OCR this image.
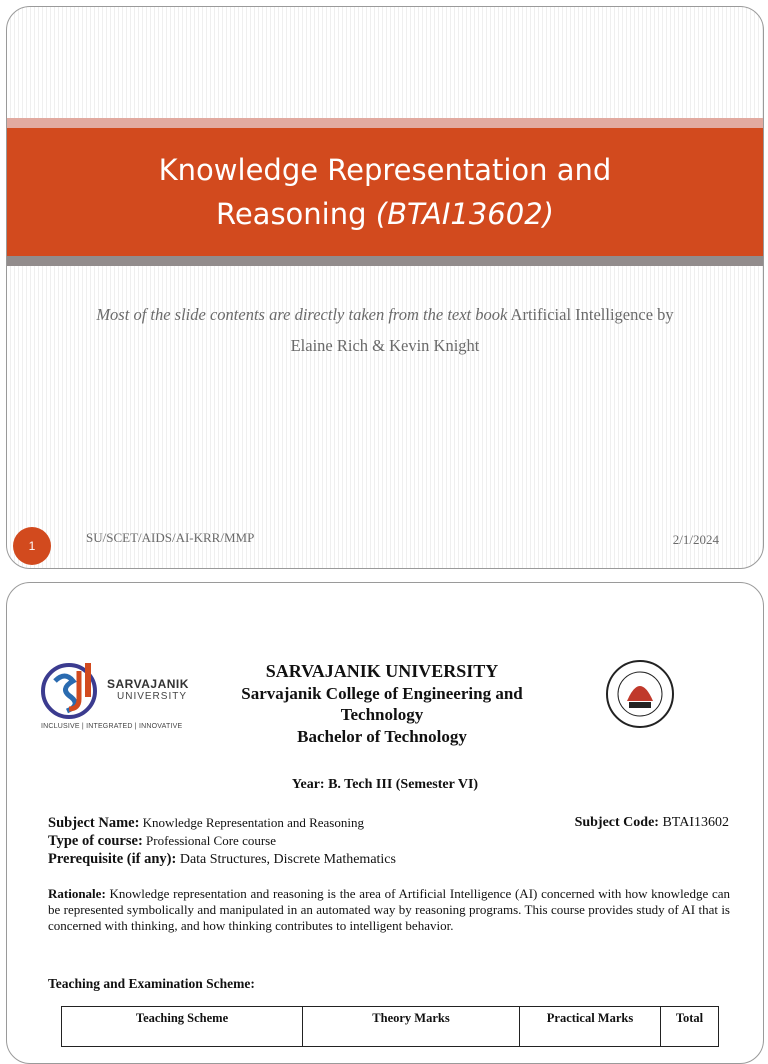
Knowledge Representation and
Reasoning (BTAI13602)
Most of the slide contents are directly taken from the text book Artificial Intelligence by
Elaine Rich & Kevin Knight
1
SU/SCET/AIDS/AI-KRR/MMP	2/1/2024
SARVAJANIK
UNIVERSITY
INCLUSIVE | INTEGRATED | INNOVATIVE
SARVAJANIK UNIVERSITY
Sarvajanik College of Engineering and
Technology
Bachelor of Technology
Year: B. Tech III (Semester VI)
Subject Name: Knowledge Representation and Reasoning	Subject Code: BTAI13602
Type of course: Professional Core course
Prerequisite (if any): Data Structures, Discrete Mathematics
Rationale: Knowledge representation and reasoning is the area of Artificial Intelligence (AI) concerned with how knowledge can be represented symbolically and manipulated in an automated way by reasoning programs. This course provides study of AI that is concerned with thinking, and how thinking contributes to intelligent behavior.
Teaching and Examination Scheme:
Teaching Scheme	Theory Marks	Practical Marks	Total
